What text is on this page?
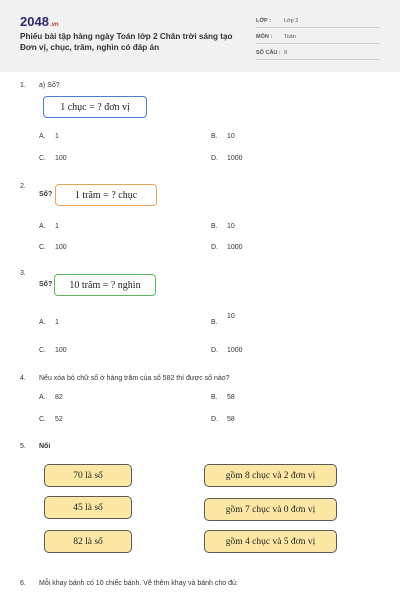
2048.vn
Phiếu bài tập hàng ngày Toán lớp 2 Chân trời sáng tạo Đơn vị, chục, trăm, nghìn có đáp án
LỚP : Lớp 2
MÔN : Toán
SỐ CÂU : 9
1. a) Số?
1 chục = ? đơn vị
A. 1	B. 10
C. 100	D. 1000
2.
Số?	1 trăm = ? chục
A. 1	B. 10
C. 100	D. 1000
3.
Số?	10 trăm = ? nghìn
A. 1	B.10
C. 100	D. 1000
4. Nếu xóa bỏ chữ số ở hàng trăm của số 582 thì được số nào?
A. 82	B. 58
C. 52	D. 58
5. Nối
70 là số
45 là số
82 là số
gồm 8 chục và 2 đơn vị
gồm 7 chục và 0 đơn vị
gồm 4 chục và 5 đơn vị
6. Mỗi khay bánh có 10 chiếc bánh. Vẽ thêm khay và bánh cho đủ:
